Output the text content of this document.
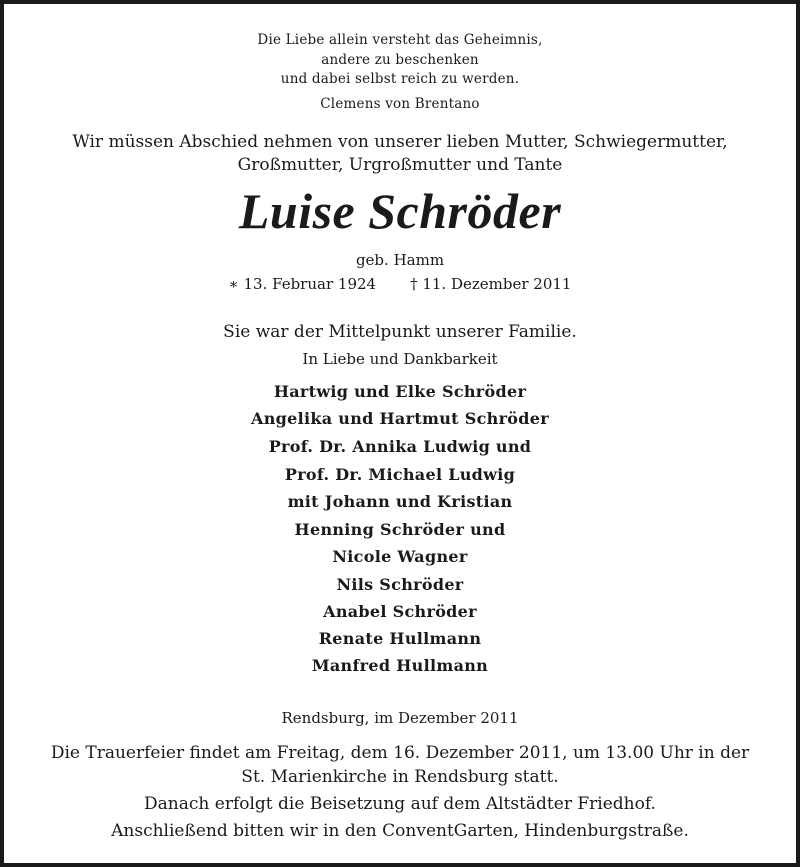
Die Liebe allein versteht das Geheimnis,
andere zu beschenken
und dabei selbst reich zu werden.
Clemens von Brentano
Wir müssen Abschied nehmen von unserer lieben Mutter, Schwiegermutter,
Großmutter, Urgroßmutter und Tante
Luise Schröder
geb. Hamm
∗ 13. Februar 1924 † 11. Dezember 2011
Sie war der Mittelpunkt unserer Familie.
In Liebe und Dankbarkeit
Hartwig und Elke Schröder
Angelika und Hartmut Schröder
Prof. Dr. Annika Ludwig und
Prof. Dr. Michael Ludwig
mit Johann und Kristian
Henning Schröder und
Nicole Wagner
Nils Schröder
Anabel Schröder
Renate Hullmann
Manfred Hullmann
Rendsburg, im Dezember 2011
Die Trauerfeier findet am Freitag, dem 16. Dezember 2011, um 13.00 Uhr in der
St. Marienkirche in Rendsburg statt.
Danach erfolgt die Beisetzung auf dem Altstädter Friedhof.
Anschließend bitten wir in den ConventGarten, Hindenburgstraße.
